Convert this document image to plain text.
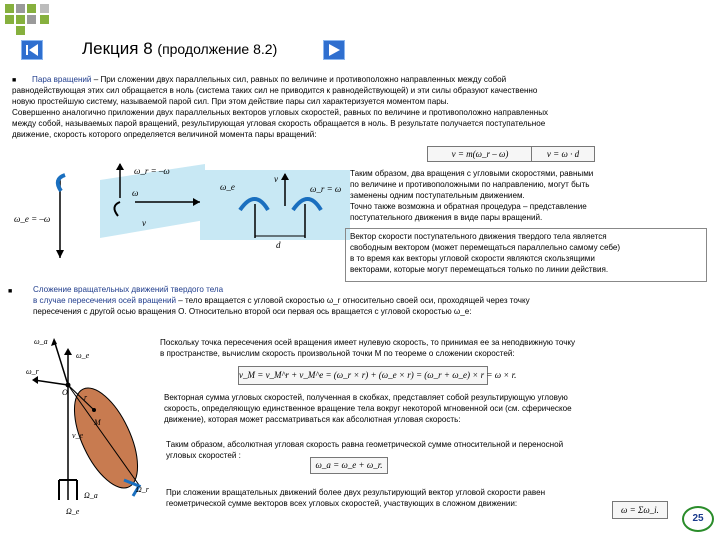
Лекция 8 (продолжение 8.2)
■ Пара вращений – При сложении двух параллельных сил, равных по величине и противоположно направленных между собой
равнодействующая этих сил обращается в ноль (система таких сил не приводится к равнодействующей) и эти силы образуют качественно
новую простейшую систему, называемой парой сил. При этом действие пары сил характеризуется моментом пары.
Совершенно аналогично приложении двух параллельных векторов угловых скоростей, равных по величине и противоположно направленных
между собой, называемых парой вращений, результирующая угловая скорость обращается в ноль. В результате получается поступательное
движение, скорость которого определяется величиной момента пары вращений:
v = m(ω_r – ω)	v = ω · d
ω_r = –ω
ω
v
ω_e = –ω
ω_e
v
ω_r = ω
d
Таким образом, два вращения с угловыми скоростями, равными
по величине и противоположными по направлению, могут быть
заменены одним поступательным движением.
Точно также возможна и обратная процедура – представление
поступательного движения в виде пары вращений.
Вектор скорости поступательного движения твердого тела является
свободным вектором (может перемещаться параллельно самому себе)
в то время как векторы угловой скорости являются скользящими
векторами, которые могут перемещаться только по линии действия.
■	Сложение вращательных движений твердого тела
в случае пересечения осей вращений – тело вращается с угловой скоростью ω_r относительно своей оси, проходящей через точку
пересечения с другой осью вращения O. Относительно второй оси первая ось вращается с угловой скоростью ω_e:
ω_a
ω_e
ω_r
O
r
M
v_e
Ω_a
Ω_r
Ω_e
Поскольку точка пересечения осей вращения имеет нулевую скорость, то принимая ее за неподвижную точку
в пространстве, вычислим скорость произвольной точки M по теореме о сложении скоростей:
v_M = v_M^r + v_M^e = (ω_r × r) + (ω_e × r) = (ω_r + ω_e) × r = ω × r.
Векторная сумма угловых скоростей, полученная в скобках, представляет собой результирующую угловую
скорость, определяющую единственное вращение тела вокруг некоторой мгновенной оси (см. сферическое
движение), которая может рассматриваться как абсолютная угловая скорость:
Таким образом, абсолютная угловая скорость равна геометрической сумме относительной и переносной
угловых скоростей :
ω_a = ω_e + ω_r.
При сложении вращательных движений более двух результирующий вектор угловой скорости равен
геометрической сумме векторов всех угловых скоростей, участвующих в сложном движении:
ω = Σω_i.
25
